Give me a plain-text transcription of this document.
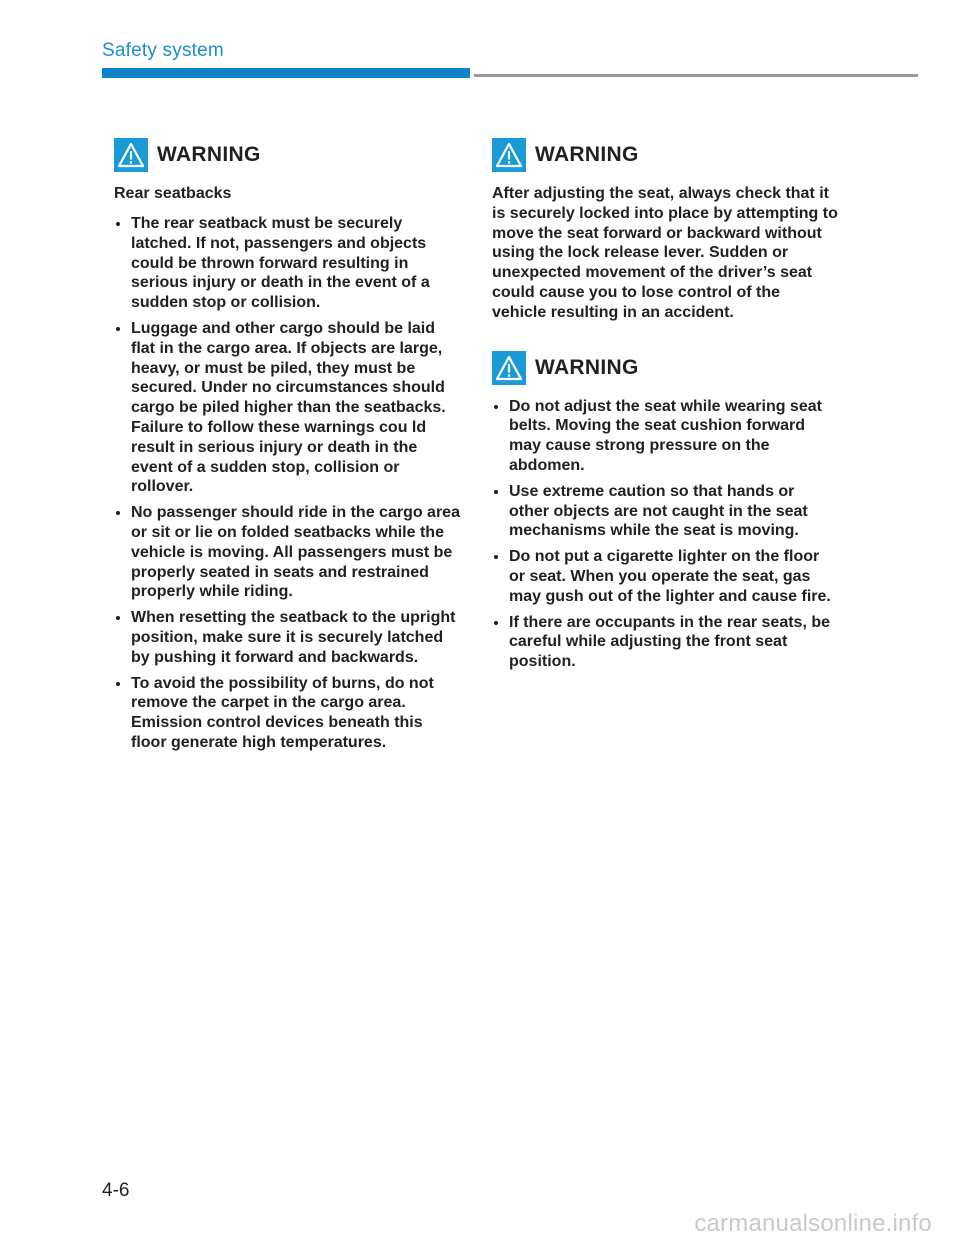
Safety system
WARNING

Rear seatbacks

The rear seatback must be securely latched. If not, passengers and objects could be thrown forward resulting in serious injury or death in the event of a sudden stop or collision.
Luggage and other cargo should be laid flat in the cargo area. If objects are large, heavy, or must be piled, they must be secured. Under no circumstances should cargo be piled higher than the seatbacks. Failure to follow these warnings cou ld result in serious injury or death in the event of a sudden stop, collision or rollover.
No passenger should ride in the cargo area or sit or lie on folded seatbacks while the vehicle is moving. All passengers must be properly seated in seats and restrained properly while riding.
When resetting the seatback to the upright position, make sure it is securely latched by pushing it forward and backwards.
To avoid the possibility of burns, do not remove the carpet in the cargo area. Emission control devices beneath this floor generate high temperatures.
WARNING

After adjusting the seat, always check that it is securely locked into place by attempting to move the seat forward or backward without using the lock release lever. Sudden or unexpected movement of the driver’s seat could cause you to lose control of the vehicle resulting in an accident.

WARNING
Do not adjust the seat while wearing seat belts. Moving the seat cushion forward may cause strong pressure on the abdomen.
Use extreme caution so that hands or other objects are not caught in the seat mechanisms while the seat is moving.
Do not put a cigarette lighter on the floor or seat. When you operate the seat, gas may gush out of the lighter and cause fire.
If there are occupants in the rear seats, be careful while adjusting the front seat position.
4-6
carmanualsonline.info
